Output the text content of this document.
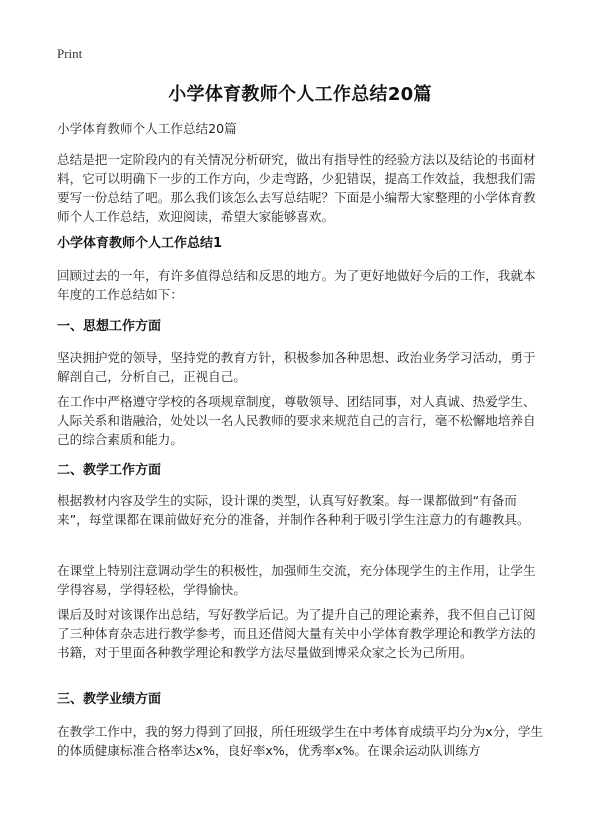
Print
小学体育教师个人工作总结20篇

小学体育教师个人工作总结20篇

总结是把一定阶段内的有关情况分析研究，做出有指导性的经验方法以及结论的书面材料，它可以明确下一步的工作方向，少走弯路，少犯错误，提高工作效益，我想我们需要写一份总结了吧。那么我们该怎么去写总结呢？下面是小编帮大家整理的小学体育教师个人工作总结，欢迎阅读，希望大家能够喜欢。

小学体育教师个人工作总结1

回顾过去的一年，有许多值得总结和反思的地方。为了更好地做好今后的工作，我就本年度的工作总结如下：

一、思想工作方面

坚决拥护党的领导，坚持党的教育方针，积极参加各种思想、政治业务学习活动，勇于解剖自己，分析自己，正视自己。

在工作中严格遵守学校的各项规章制度，尊敬领导、团结同事，对人真诚、热爱学生、人际关系和谐融洽，处处以一名人民教师的要求来规范自己的言行，毫不松懈地培养自己的综合素质和能力。

二、教学工作方面

根据教材内容及学生的实际，设计课的类型，认真写好教案。每一课都做到“有备而来”，每堂课都在课前做好充分的准备，并制作各种利于吸引学生注意力的有趣教具。

在课堂上特别注意调动学生的积极性，加强师生交流，充分体现学生的主作用，让学生学得容易，学得轻松，学得愉快。

课后及时对该课作出总结，写好教学后记。为了提升自己的理论素养，我不但自己订阅了三种体育杂志进行教学参考，而且还借阅大量有关中小学体育教学理论和教学方法的书籍，对于里面各种教学理论和教学方法尽量做到博采众家之长为己所用。

三、教学业绩方面

在教学工作中，我的努力得到了回报，所任班级学生在中考体育成绩平均分为x分，学生的体质健康标准合格率达x%，良好率x%，优秀率x%。在课余运动队训练方
